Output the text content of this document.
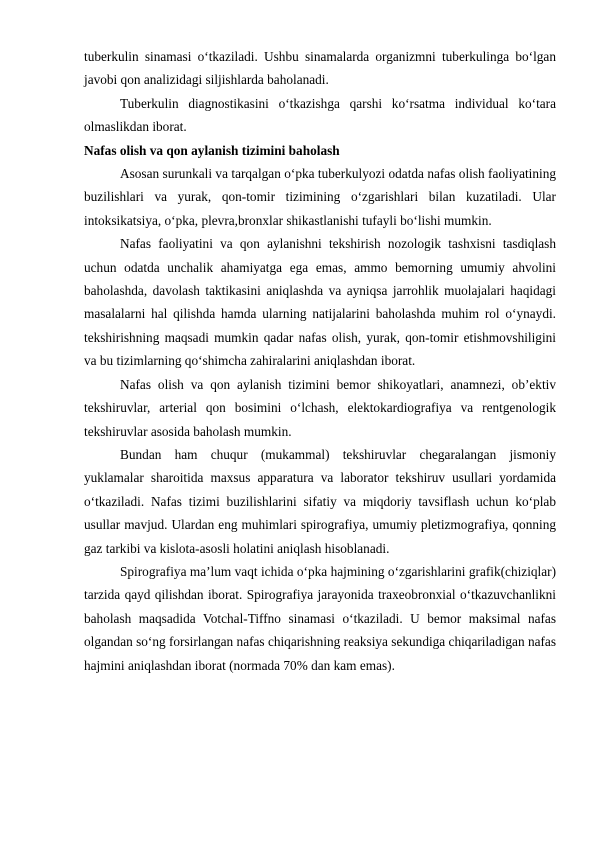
tuberkulin sinamasi o‘tkaziladi. Ushbu sinamalarda organizmni tuberkulinga bo‘lgan javobi qon analizidagi siljishlarda baholanadi.

Tuberkulin diagnostikasini o‘tkazishga qarshi ko‘rsatma individual ko‘tara olmaslikdan iborat.

Nafas olish va qon aylanish tizimini baholash

Asosan surunkali va tarqalgan o‘pka tuberkulyozi odatda nafas olish faoliyatining buzilishlari va yurak, qon-tomir tizimining o‘zgarishlari bilan kuzatiladi. Ular intoksikatsiya, o‘pka, plevra,bronxlar shikastlanishi tufayli bo‘lishi mumkin.

Nafas faoliyatini va qon aylanishni tekshirish nozologik tashxisni tasdiqlash uchun odatda unchalik ahamiyatga ega emas, ammo bemorning umumiy ahvolini baholashda, davolash taktikasini aniqlashda va ayniqsa jarrohlik muolajalari haqidagi masalalarni hal qilishda hamda ularning natijalarini baholashda muhim rol o‘ynaydi. tekshirishning maqsadi mumkin qadar nafas olish, yurak, qon-tomir etishmovshiligini va bu tizimlarning qo‘shimcha zahiralarini aniqlashdan iborat.

Nafas olish va qon aylanish tizimini bemor shikoyatlari, anamnezi, ob’ektiv tekshiruvlar, arterial qon bosimini o‘lchash, elektokardiografiya va rentgenologik tekshiruvlar asosida baholash mumkin.

Bundan ham chuqur (mukammal) tekshiruvlar chegaralangan jismoniy yuklamalar sharoitida maxsus apparatura va laborator tekshiruv usullari yordamida o‘tkaziladi. Nafas tizimi buzilishlarini sifatiy va miqdoriy tavsiflash uchun ko‘plab usullar mavjud. Ulardan eng muhimlari spirografiya, umumiy pletizmografiya, qonning gaz tarkibi va kislota-asosli holatini aniqlash hisoblanadi.

Spirografiya ma’lum vaqt ichida o‘pka hajmining o‘zgarishlarini grafik(chiziqlar) tarzida qayd qilishdan iborat. Spirografiya jarayonida traxeobronxial o‘tkazuvchanlikni baholash maqsadida Votchal-Tiffno sinamasi o‘tkaziladi. U bemor maksimal nafas olgandan so‘ng forsirlangan nafas chiqarishning reaksiya sekundiga chiqariladigan nafas hajmini aniqlashdan iborat (normada 70% dan kam emas).
